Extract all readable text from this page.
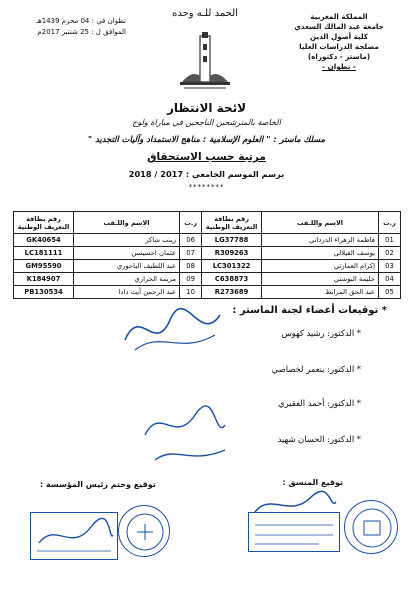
المملكة المغربية
جامعة عبد المالك السعدي
كلية أصول الدين
مصلحة الدراسات العليا
(ماستر - دكتوراه)
- تطوان -
تطوان في : 04 محرم 1439هـ
الموافق ل : 25 شتنبر 2017م
الحمد للـه وحده
لائحة الانتظار
الخاصة بالمترشحين الناجحين في مباراة ولوج
مسلك ماستر : " العلوم الإسلامية : مناهج الاستمداد وآليات التجديد "
مرتبة حسب الاستحقاق
برسم الموسم الجامعي : 2017 / 2018
********
ر.ت	الاسم واللـقب	رقم بطاقة التعريف الوطنية	ر.ت	الاسم واللـقب	رقم بطاقة التعريف الوطنية
01	فاطمة الزهراء الدرداني	LG37788	06	زينب شاكر	GK40654
02	يوسف القيلالي	R309263	07	عثمان احسيسن	LC181111
03	إكرام العمارتي	LC301322	08	عبد اللطيف الباجوري	GM95590
04	حليمة البوشتي	C638873	09	مريمة الحراري	K184907
05	عبد الحق المرابط	R273689	10	عبد الرحمن أيت دادا	PB130534
* توقيعات أعضاء لجنة الماستر :
* الدكتور: رشيد كهوس
* الدكتور: بنعمر لخصاصي
* الدكتور: أحمد الفقيري
* الدكتور: الحسان شهيد
توقيع وختم رئيس المؤسسة :	توقيع المنسق :
